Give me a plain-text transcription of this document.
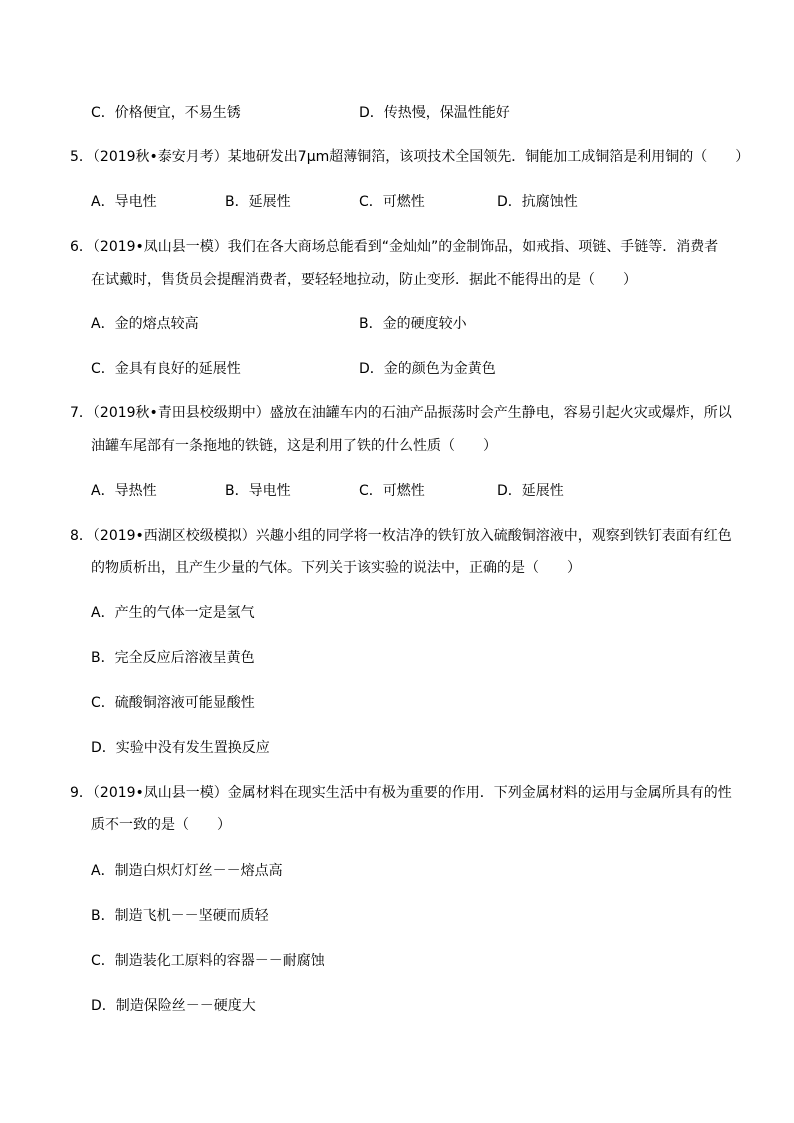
C．价格便宜，不易生锈	D．传热慢，保温性能好
5．（2019秋•泰安月考）某地研发出7μm超薄铜箔，该项技术全国领先．铜能加工成铜箔是利用铜的（　　）
A．导电性	B．延展性	C．可燃性	D．抗腐蚀性
6．（2019•凤山县一模）我们在各大商场总能看到“金灿灿”的金制饰品，如戒指、项链、手链等．消费者
在试戴时，售货员会提醒消费者，要轻轻地拉动，防止变形．据此不能得出的是（　　）
A．金的熔点较高	B．金的硬度较小
C．金具有良好的延展性	D．金的颜色为金黄色
7．（2019秋•青田县校级期中）盛放在油罐车内的石油产品振荡时会产生静电，容易引起火灾或爆炸，所以
油罐车尾部有一条拖地的铁链，这是利用了铁的什么性质（　　）
A．导热性	B．导电性	C．可燃性	D．延展性
8．（2019•西湖区校级模拟）兴趣小组的同学将一枚洁净的铁钉放入硫酸铜溶液中，观察到铁钉表面有红色
的物质析出，且产生少量的气体。下列关于该实验的说法中，正确的是（　　）
A．产生的气体一定是氢气
B．完全反应后溶液呈黄色
C．硫酸铜溶液可能显酸性
D．实验中没有发生置换反应
9．（2019•凤山县一模）金属材料在现实生活中有极为重要的作用．下列金属材料的运用与金属所具有的性
质不一致的是（　　）
A．制造白炽灯灯丝－－熔点高
B．制造飞机－－坚硬而质轻
C．制造装化工原料的容器－－耐腐蚀
D．制造保险丝－－硬度大
